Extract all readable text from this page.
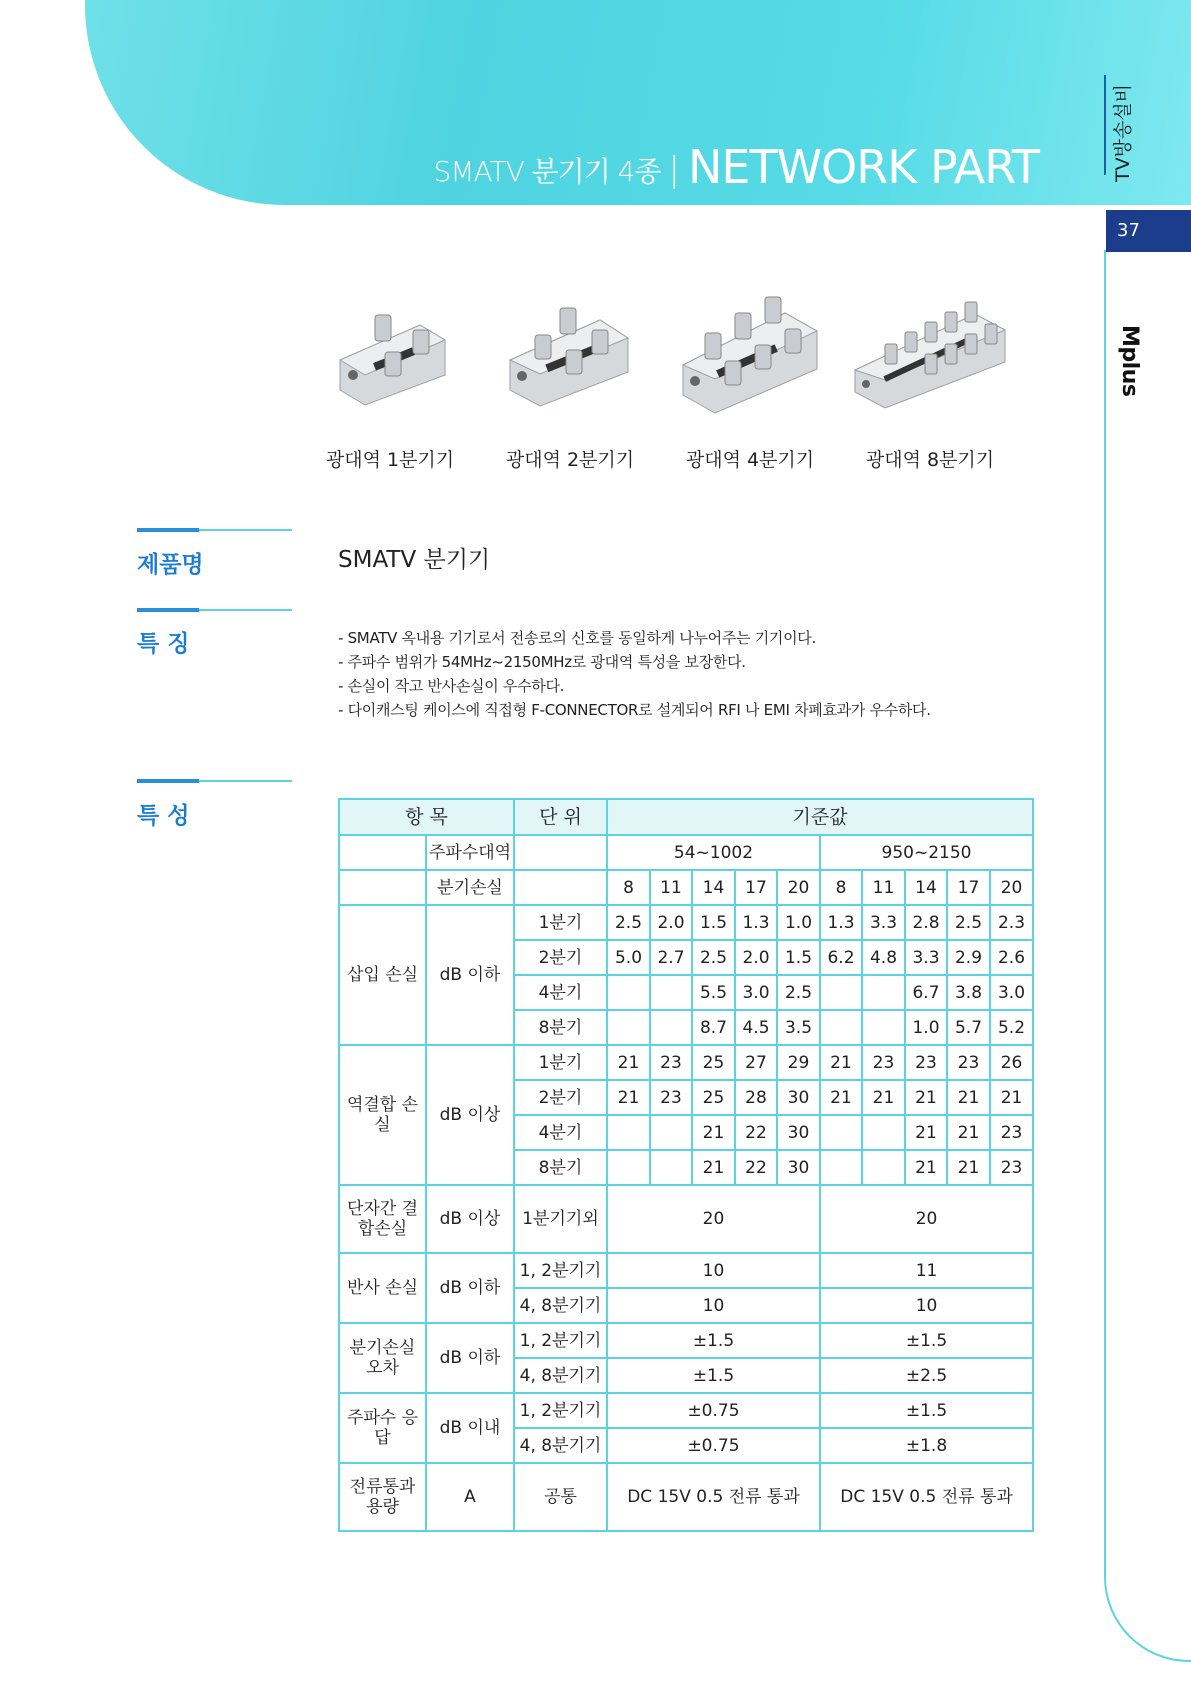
SMATV 분기기 4종 | NETWORK PART	TV방송설비
37
Mplus
광대역 1분기기	광대역 2분기기	광대역 4분기기	광대역 8분기기
제품명	SMATV 분기기
특 징	- SMATV 옥내용 기기로서 전송로의 신호를 동일하게 나누어주는 기기이다.
- 주파수 범위가 54MHz~2150MHz로 광대역 특성을 보장한다.
- 손실이 작고 반사손실이 우수하다.
- 다이캐스팅 케이스에 직접형 F-CONNECTOR로 설계되어 RFI 나 EMI 차폐효과가 우수하다.
특 성	항 목		단 위	기준값									
	주파수대역		54~1002					950~2150				
	분기손실		8	11	14	17	20	8	11	14	17	20
삽입 손실	dB 이하	1분기	2.5	2.0	1.5	1.3	1.0	1.3	3.3	2.8	2.5	2.3
		2분기	5.0	2.7	2.5	2.0	1.5	6.2	4.8	3.3	2.9	2.6
		4분기			5.5	3.0	2.5			6.7	3.8	3.0
		8분기			8.7	4.5	3.5			1.0	5.7	5.2
역결합 손실	dB 이상	1분기	21	23	25	27	29	21	23	23	23	26
		2분기	21	23	25	28	30	21	21	21	21	21
		4분기			21	22	30			21	21	23
		8분기			21	22	30			21	21	23
단자간 결합손실	dB 이상	1분기기외	20					20				
반사 손실	dB 이하	1, 2분기기	10					11				
		4, 8분기기	10					10				
분기손실 오차	dB 이하	1, 2분기기	±1.5					±1.5				
		4, 8분기기	±1.5					±2.5				
주파수 응답	dB 이내	1, 2분기기	±0.75					±1.5				
		4, 8분기기	±0.75					±1.8				
전류통과 용량	A	공통	DC 15V 0.5 전류 통과					DC 15V 0.5 전류 통과				
